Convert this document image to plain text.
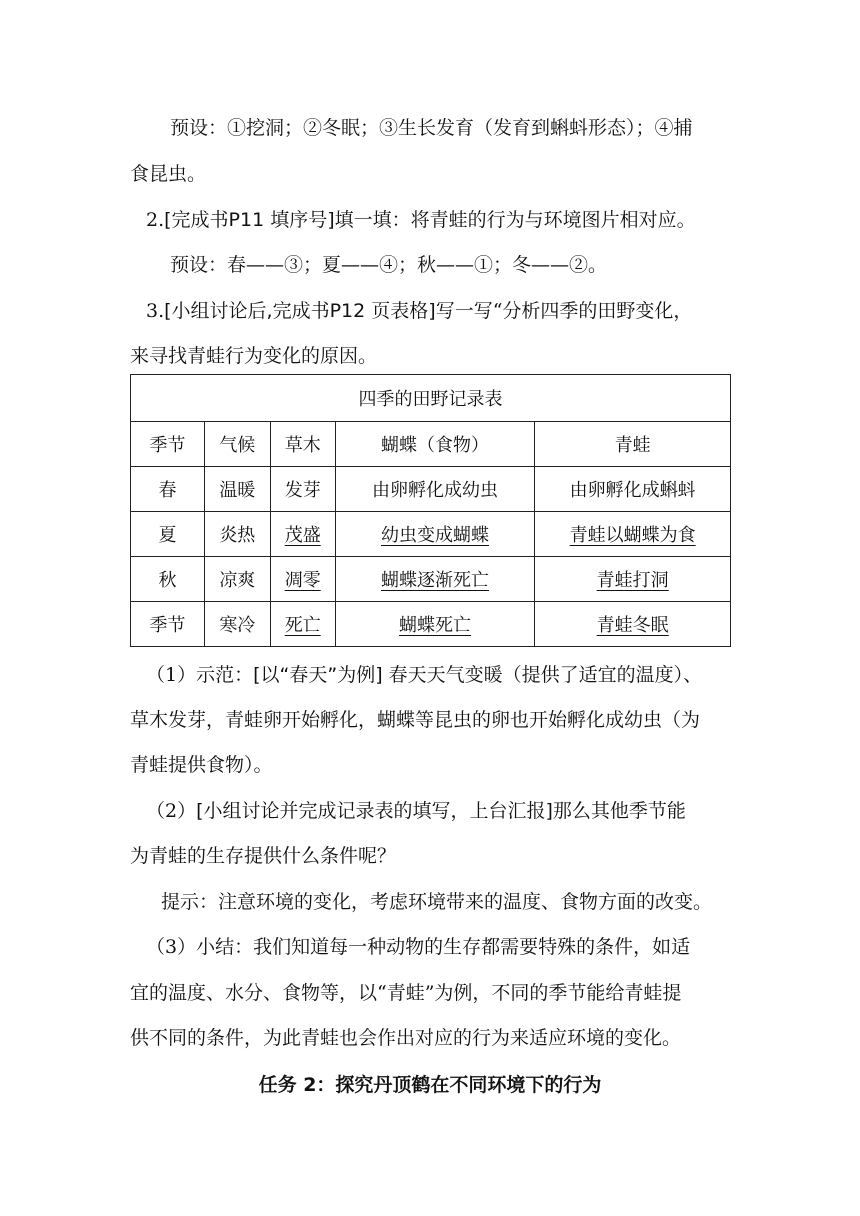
预设：①挖洞；②冬眠；③生长发育（发育到蝌蚪形态）；④捕
食昆虫。
2.[完成书P11 填序号]填一填：将青蛙的行为与环境图片相对应。
预设：春——③；夏——④；秋——①；冬——②。
3.[小组讨论后,完成书P12 页表格]写一写“分析四季的田野变化，
来寻找青蛙行为变化的原因。
四季的田野记录表				
季节	气候	草木	蝴蝶（食物）	青蛙
春	温暖	发芽	由卵孵化成幼虫	由卵孵化成蝌蚪
夏	炎热	茂盛	幼虫变成蝴蝶	青蛙以蝴蝶为食
秋	凉爽	凋零	蝴蝶逐渐死亡	青蛙打洞
季节	寒冷	死亡	蝴蝶死亡	青蛙冬眠
（1）示范：[以“春天”为例] 春天天气变暖（提供了适宜的温度）、
草木发芽，青蛙卵开始孵化，蝴蝶等昆虫的卵也开始孵化成幼虫（为
青蛙提供食物）。
（2）[小组讨论并完成记录表的填写，上台汇报]那么其他季节能
为青蛙的生存提供什么条件呢？
提示：注意环境的变化，考虑环境带来的温度、食物方面的改变。
（3）小结：我们知道每一种动物的生存都需要特殊的条件，如适
宜的温度、水分、食物等，以“青蛙”为例，不同的季节能给青蛙提
供不同的条件，为此青蛙也会作出对应的行为来适应环境的变化。
任务 2：探究丹顶鹤在不同环境下的行为
